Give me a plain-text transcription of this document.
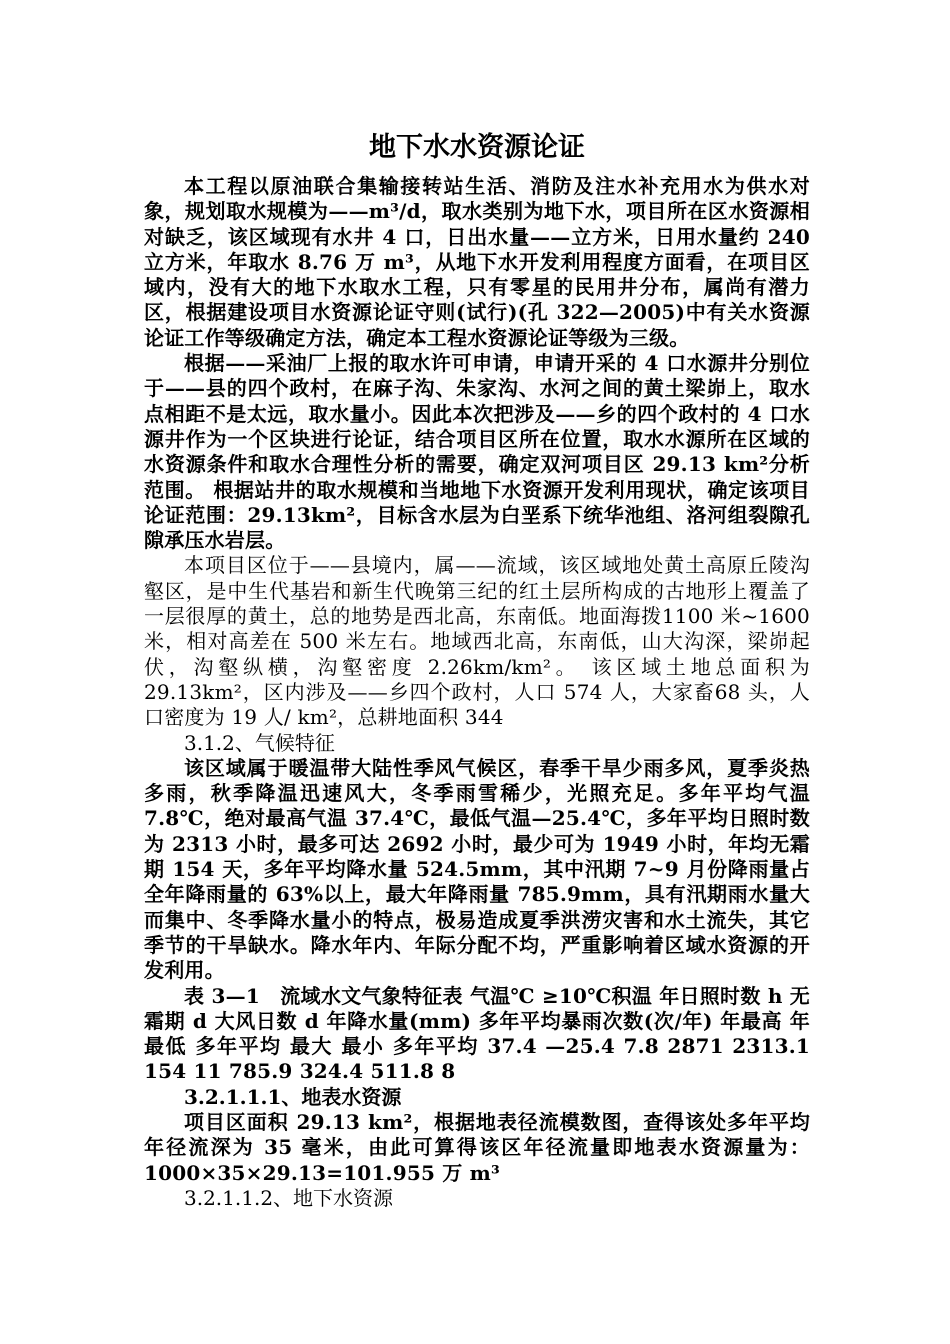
地下水水资源论证

本工程以原油联合集输接转站生活、消防及注水补充用水为供水对象，规划取水规模为——m³/d，取水类别为地下水，项目所在区水资源相对缺乏，该区域现有水井 4 口，日出水量——立方米，日用水量约 240 立方米，年取水 8.76 万 m³，从地下水开发利用程度方面看，在项目区域内，没有大的地下水取水工程，只有零星的民用井分布，属尚有潜力区，根据建设项目水资源论证守则(试行)(孔 322—2005)中有关水资源论证工作等级确定方法，确定本工程水资源论证等级为三级。

根据——采油厂上报的取水许可申请，申请开采的 4 口水源井分别位于——县的四个政村，在麻子沟、朱家沟、水河之间的黄土梁峁上，取水点相距不是太远，取水量小。因此本次把涉及——乡的四个政村的 4 口水源井作为一个区块进行论证，结合项目区所在位置，取水水源所在区域的水资源条件和取水合理性分析的需要，确定双河项目区 29.13 km²分析范围。 根据站井的取水规模和当地地下水资源开发利用现状，确定该项目论证范围：29.13km²，目标含水层为白垩系下统华池组、洛河组裂隙孔隙承压水岩层。

本项目区位于——县境内，属——流域，该区域地处黄土高原丘陵沟壑区，是中生代基岩和新生代晚第三纪的红土层所构成的古地形上覆盖了一层很厚的黄土，总的地势是西北高，东南低。地面海拨1100 米~1600 米，相对高差在 500 米左右。地域西北高，东南低，山大沟深，梁峁起伏，沟壑纵横，沟壑密度 2.26km/km²。 该区域土地总面积为 29.13km²，区内涉及——乡四个政村，人口 574 人，大家畜68 头，人口密度为 19 人/ km²，总耕地面积 344

3.1.2、气候特征

该区域属于暖温带大陆性季风气候区，春季干旱少雨多风，夏季炎热多雨，秋季降温迅速风大，冬季雨雪稀少，光照充足。多年平均气温 7.8℃，绝对最高气温 37.4℃，最低气温—25.4℃，多年平均日照时数为 2313 小时，最多可达 2692 小时，最少可为 1949 小时，年均无霜期 154 天，多年平均降水量 524.5mm，其中汛期 7~9 月份降雨量占全年降雨量的 63%以上，最大年降雨量 785.9mm，具有汛期雨水量大而集中、冬季降水量小的特点，极易造成夏季洪涝灾害和水土流失，其它季节的干旱缺水。降水年内、年际分配不均，严重影响着区域水资源的开发利用。

表 3—1　流域水文气象特征表 气温℃ ≥10℃积温 年日照时数 h 无霜期 d 大风日数 d 年降水量(mm) 多年平均暴雨次数(次/年) 年最高 年最低 多年平均 最大 最小 多年平均 37.4 —25.4 7.8 2871 2313.1 154 11 785.9 324.4 511.8 8

3.2.1.1.1、地表水资源

项目区面积 29.13 km²，根据地表径流模数图，查得该处多年平均年径流深为 35 毫米，由此可算得该区年径流量即地表水资源量为：1000×35×29.13=101.955 万 m³

3.2.1.1.2、地下水资源
